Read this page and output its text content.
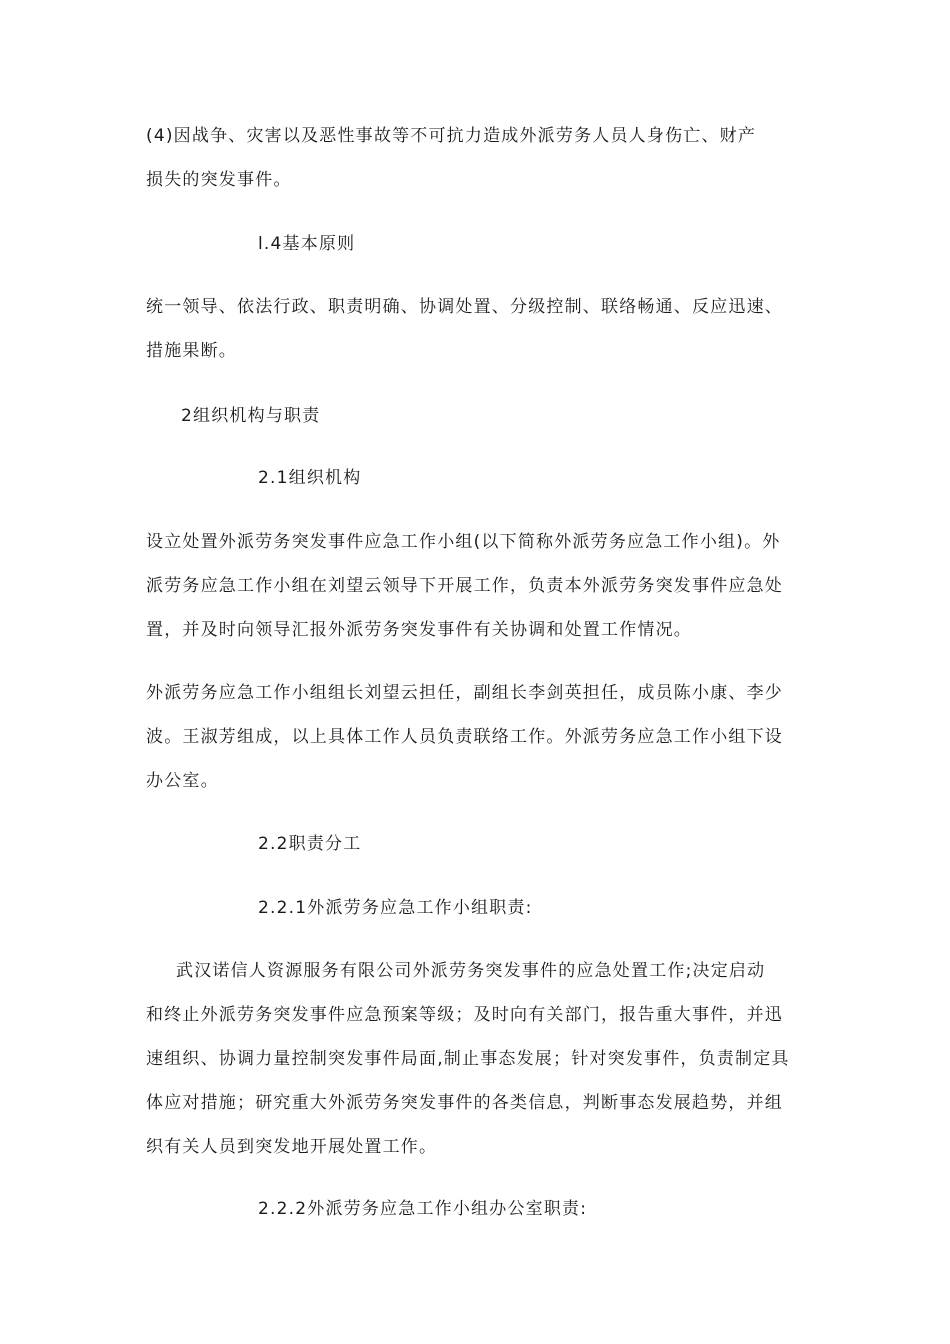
(4)因战争、灾害以及恶性事故等不可抗力造成外派劳务人员人身伤亡、财产
损失的突发事件。
l.4基本原则
统一领导、依法行政、职责明确、协调处置、分级控制、联络畅通、反应迅速、
措施果断。
2组织机构与职责
2.1组织机构
设立处置外派劳务突发事件应急工作小组(以下简称外派劳务应急工作小组)。外
派劳务应急工作小组在刘望云领导下开展工作，负责本外派劳务突发事件应急处
置，并及时向领导汇报外派劳务突发事件有关协调和处置工作情况。
外派劳务应急工作小组组长刘望云担任，副组长李剑英担任，成员陈小康、李少
波。王淑芳组成，以上具体工作人员负责联络工作。外派劳务应急工作小组下设
办公室。
2.2职责分工
2.2.1外派劳务应急工作小组职责:
武汉诺信人资源服务有限公司外派劳务突发事件的应急处置工作;决定启动
和终止外派劳务突发事件应急预案等级；及时向有关部门，报告重大事件，并迅
速组织、协调力量控制突发事件局面,制止事态发展；针对突发事件，负责制定具
体应对措施；研究重大外派劳务突发事件的各类信息，判断事态发展趋势，并组
织有关人员到突发地开展处置工作。
2.2.2外派劳务应急工作小组办公室职责:
